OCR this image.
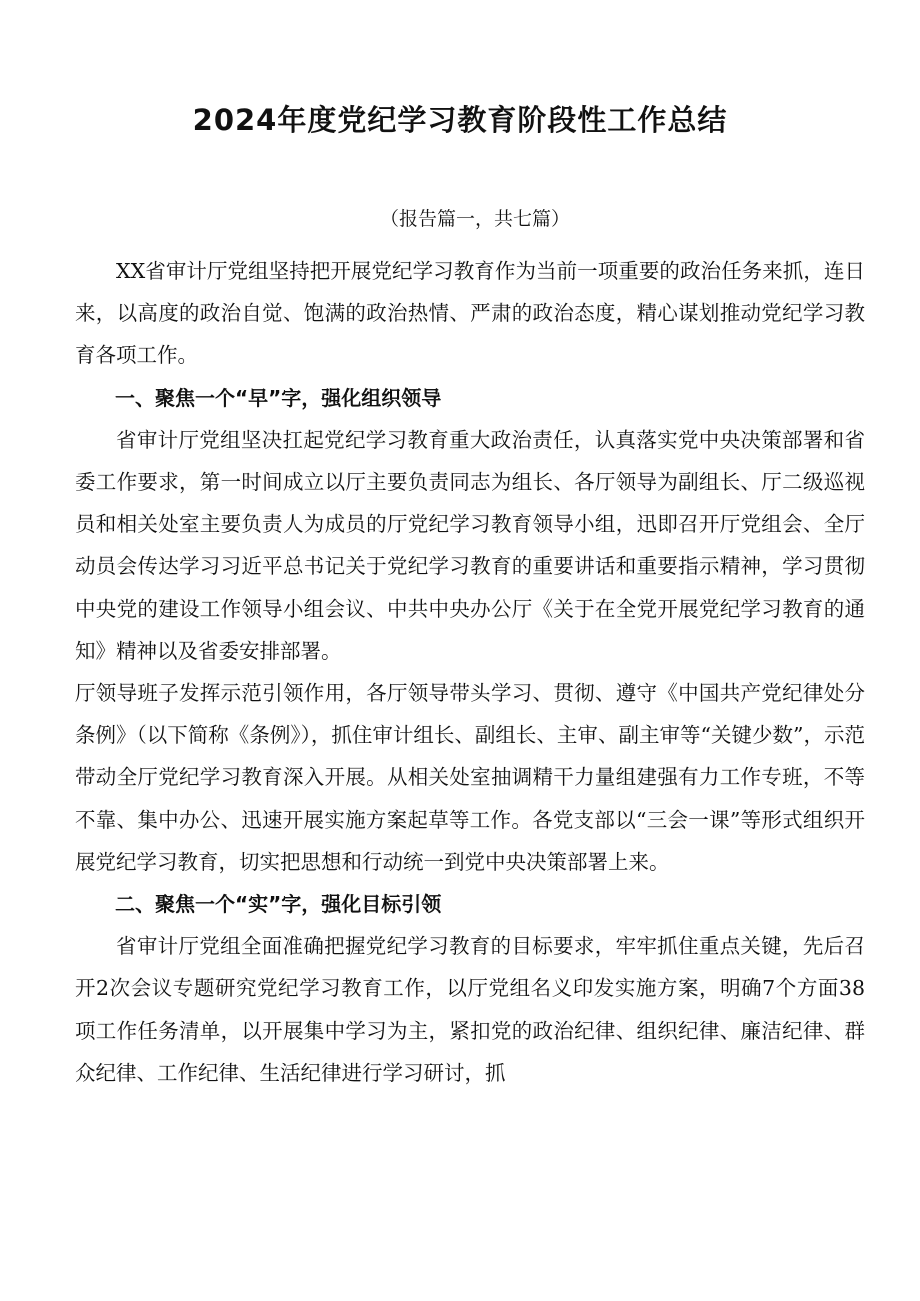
2024年度党纪学习教育阶段性工作总结
（报告篇一，共七篇）

XX省审计厅党组坚持把开展党纪学习教育作为当前一项重要的政治任务来抓，连日来，以高度的政治自觉、饱满的政治热情、严肃的政治态度，精心谋划推动党纪学习教育各项工作。

一、聚焦一个“早”字，强化组织领导

省审计厅党组坚决扛起党纪学习教育重大政治责任，认真落实党中央决策部署和省委工作要求，第一时间成立以厅主要负责同志为组长、各厅领导为副组长、厅二级巡视员和相关处室主要负责人为成员的厅党纪学习教育领导小组，迅即召开厅党组会、全厅动员会传达学习习近平总书记关于党纪学习教育的重要讲话和重要指示精神，学习贯彻中央党的建设工作领导小组会议、中共中央办公厅《关于在全党开展党纪学习教育的通知》精神以及省委安排部署。

厅领导班子发挥示范引领作用，各厅领导带头学习、贯彻、遵守《中国共产党纪律处分条例》（以下简称《条例》），抓住审计组长、副组长、主审、副主审等“关键少数”，示范带动全厅党纪学习教育深入开展。从相关处室抽调精干力量组建强有力工作专班，不等不靠、集中办公、迅速开展实施方案起草等工作。各党支部以“三会一课”等形式组织开展党纪学习教育，切实把思想和行动统一到党中央决策部署上来。

二、聚焦一个“实”字，强化目标引领

省审计厅党组全面准确把握党纪学习教育的目标要求，牢牢抓住重点关键，先后召开2次会议专题研究党纪学习教育工作，以厅党组名义印发实施方案，明确7个方面38项工作任务清单，以开展集中学习为主，紧扣党的政治纪律、组织纪律、廉洁纪律、群众纪律、工作纪律、生活纪律进行学习研讨，抓
